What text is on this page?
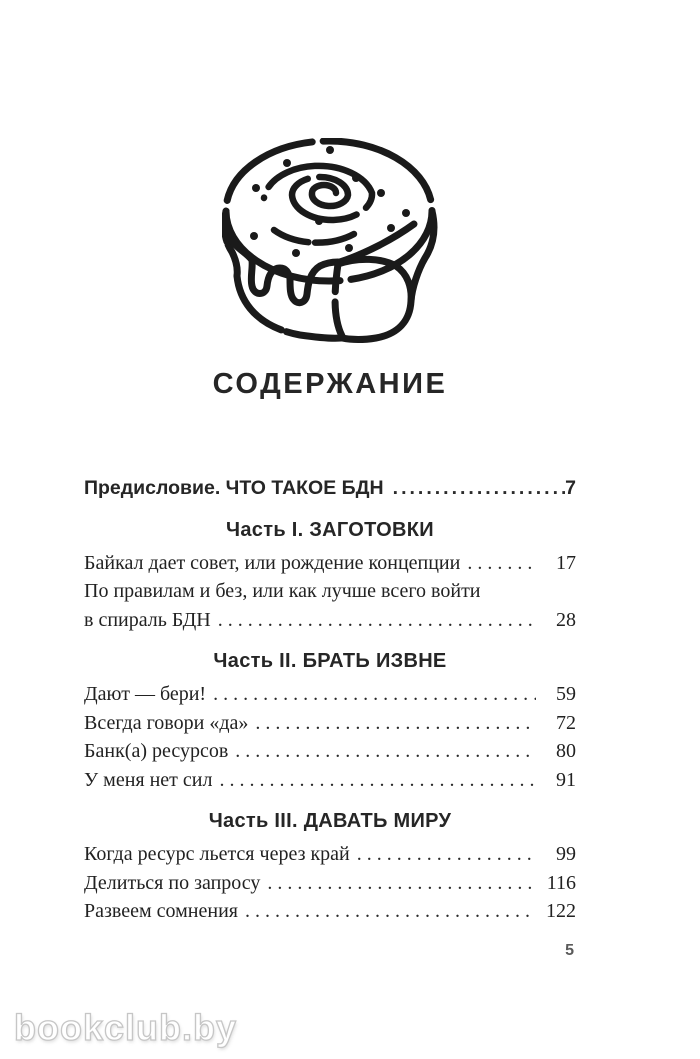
СОДЕРЖАНИЕ
Предисловие. ЧТО ТАКОЕ БДН .....	7
Часть I. ЗАГОТОВКИ
Байкал дает совет, или рождение концепции . . .	17
По правилам и без, или как лучше всего войти
в спираль БДН . . .	28
Часть II. БРАТЬ ИЗВНЕ
Дают — бери! . . .	59
Всегда говори «да» . . .	72
Банк(а) ресурсов . . .	80
У меня нет сил . . .	91
Часть III. ДАВАТЬ МИРУ
Когда ресурс льется через край . . .	99
Делиться по запросу . . .	116
Развеем сомнения . . .	122
5
bookclub.by
